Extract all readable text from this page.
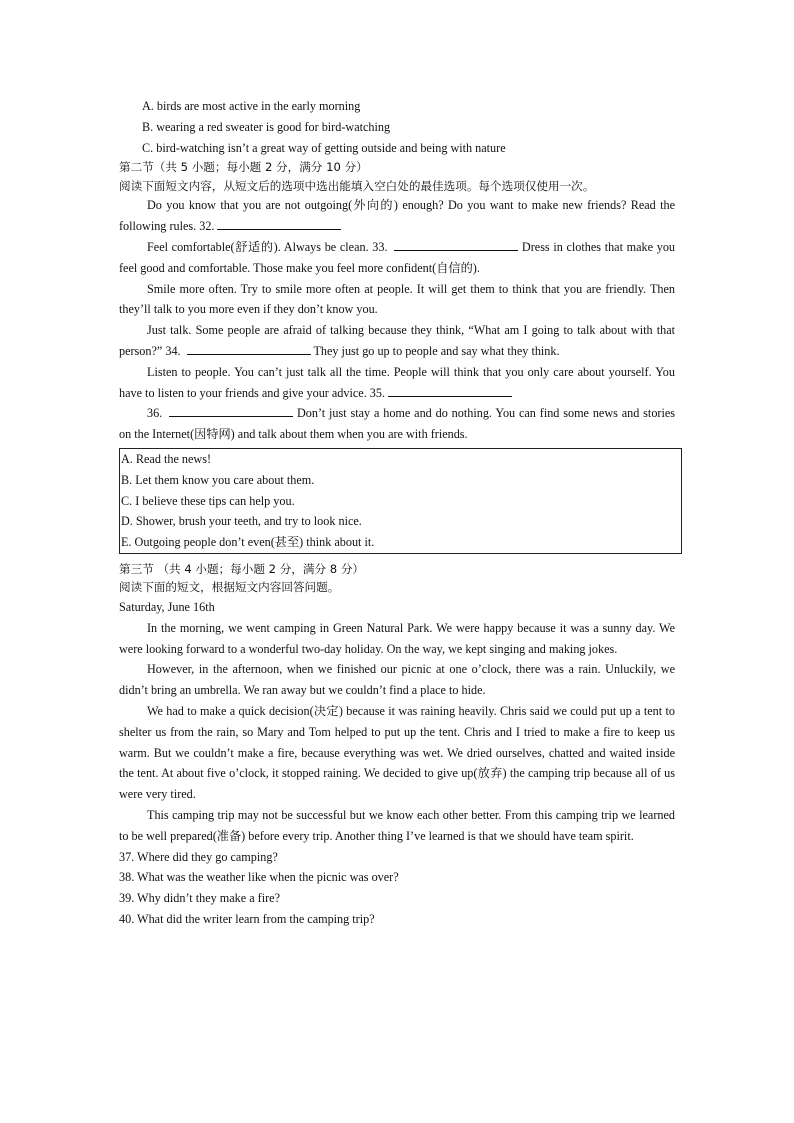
A. birds are most active in the early morning
B. wearing a red sweater is good for bird-watching
C. bird-watching isn’t a great way of getting outside and being with nature
第二节（共 5 小题；每小题 2 分，满分 10 分）
阅读下面短文内容，从短文后的选项中选出能填入空白处的最佳选项。每个选项仅使用一次。
Do you know that you are not outgoing(外向的) enough? Do you want to make new friends? Read the following rules. 32.
Feel comfortable(舒适的). Always be clean. 33.	Dress in clothes that make you feel good and comfortable. Those make you feel more confident(自信的).
Smile more often. Try to smile more often at people. It will get them to think that you are friendly. Then they’ll talk to you more even if they don’t know you.
Just talk. Some people are afraid of talking because they think, “What am I going to talk about with that person?” 34.	They just go up to people and say what they think.
Listen to people. You can’t just talk all the time. People will think that you only care about yourself. You have to listen to your friends and give your advice. 35.
36.	Don’t just stay a home and do nothing. You can find some news and stories on the Internet(因特网) and talk about them when you are with friends.
A. Read the news!
B. Let them know you care about them.
C. I believe these tips can help you.
D. Shower, brush your teeth, and try to look nice.
E. Outgoing people don’t even(甚至) think about it.
第三节 （共 4 小题；每小题 2 分，满分 8 分）
阅读下面的短文，根据短文内容回答问题。
Saturday, June 16th
In the morning, we went camping in Green Natural Park. We were happy because it was a sunny day. We were looking forward to a wonderful two-day holiday. On the way, we kept singing and making jokes.
However, in the afternoon, when we finished our picnic at one o’clock, there was a rain. Unluckily, we didn’t bring an umbrella. We ran away but we couldn’t find a place to hide.
We had to make a quick decision(决定) because it was raining heavily. Chris said we could put up a tent to shelter us from the rain, so Mary and Tom helped to put up the tent. Chris and I tried to make a fire to keep us warm. But we couldn’t make a fire, because everything was wet. We dried ourselves, chatted and waited inside the tent. At about five o’clock, it stopped raining. We decided to give up(放弃) the camping trip because all of us were very tired.
This camping trip may not be successful but we know each other better. From this camping trip we learned to be well prepared(准备) before every trip. Another thing I’ve learned is that we should have team spirit.
37. Where did they go camping?
38. What was the weather like when the picnic was over?
39. Why didn’t they make a fire?
40. What did the writer learn from the camping trip?
